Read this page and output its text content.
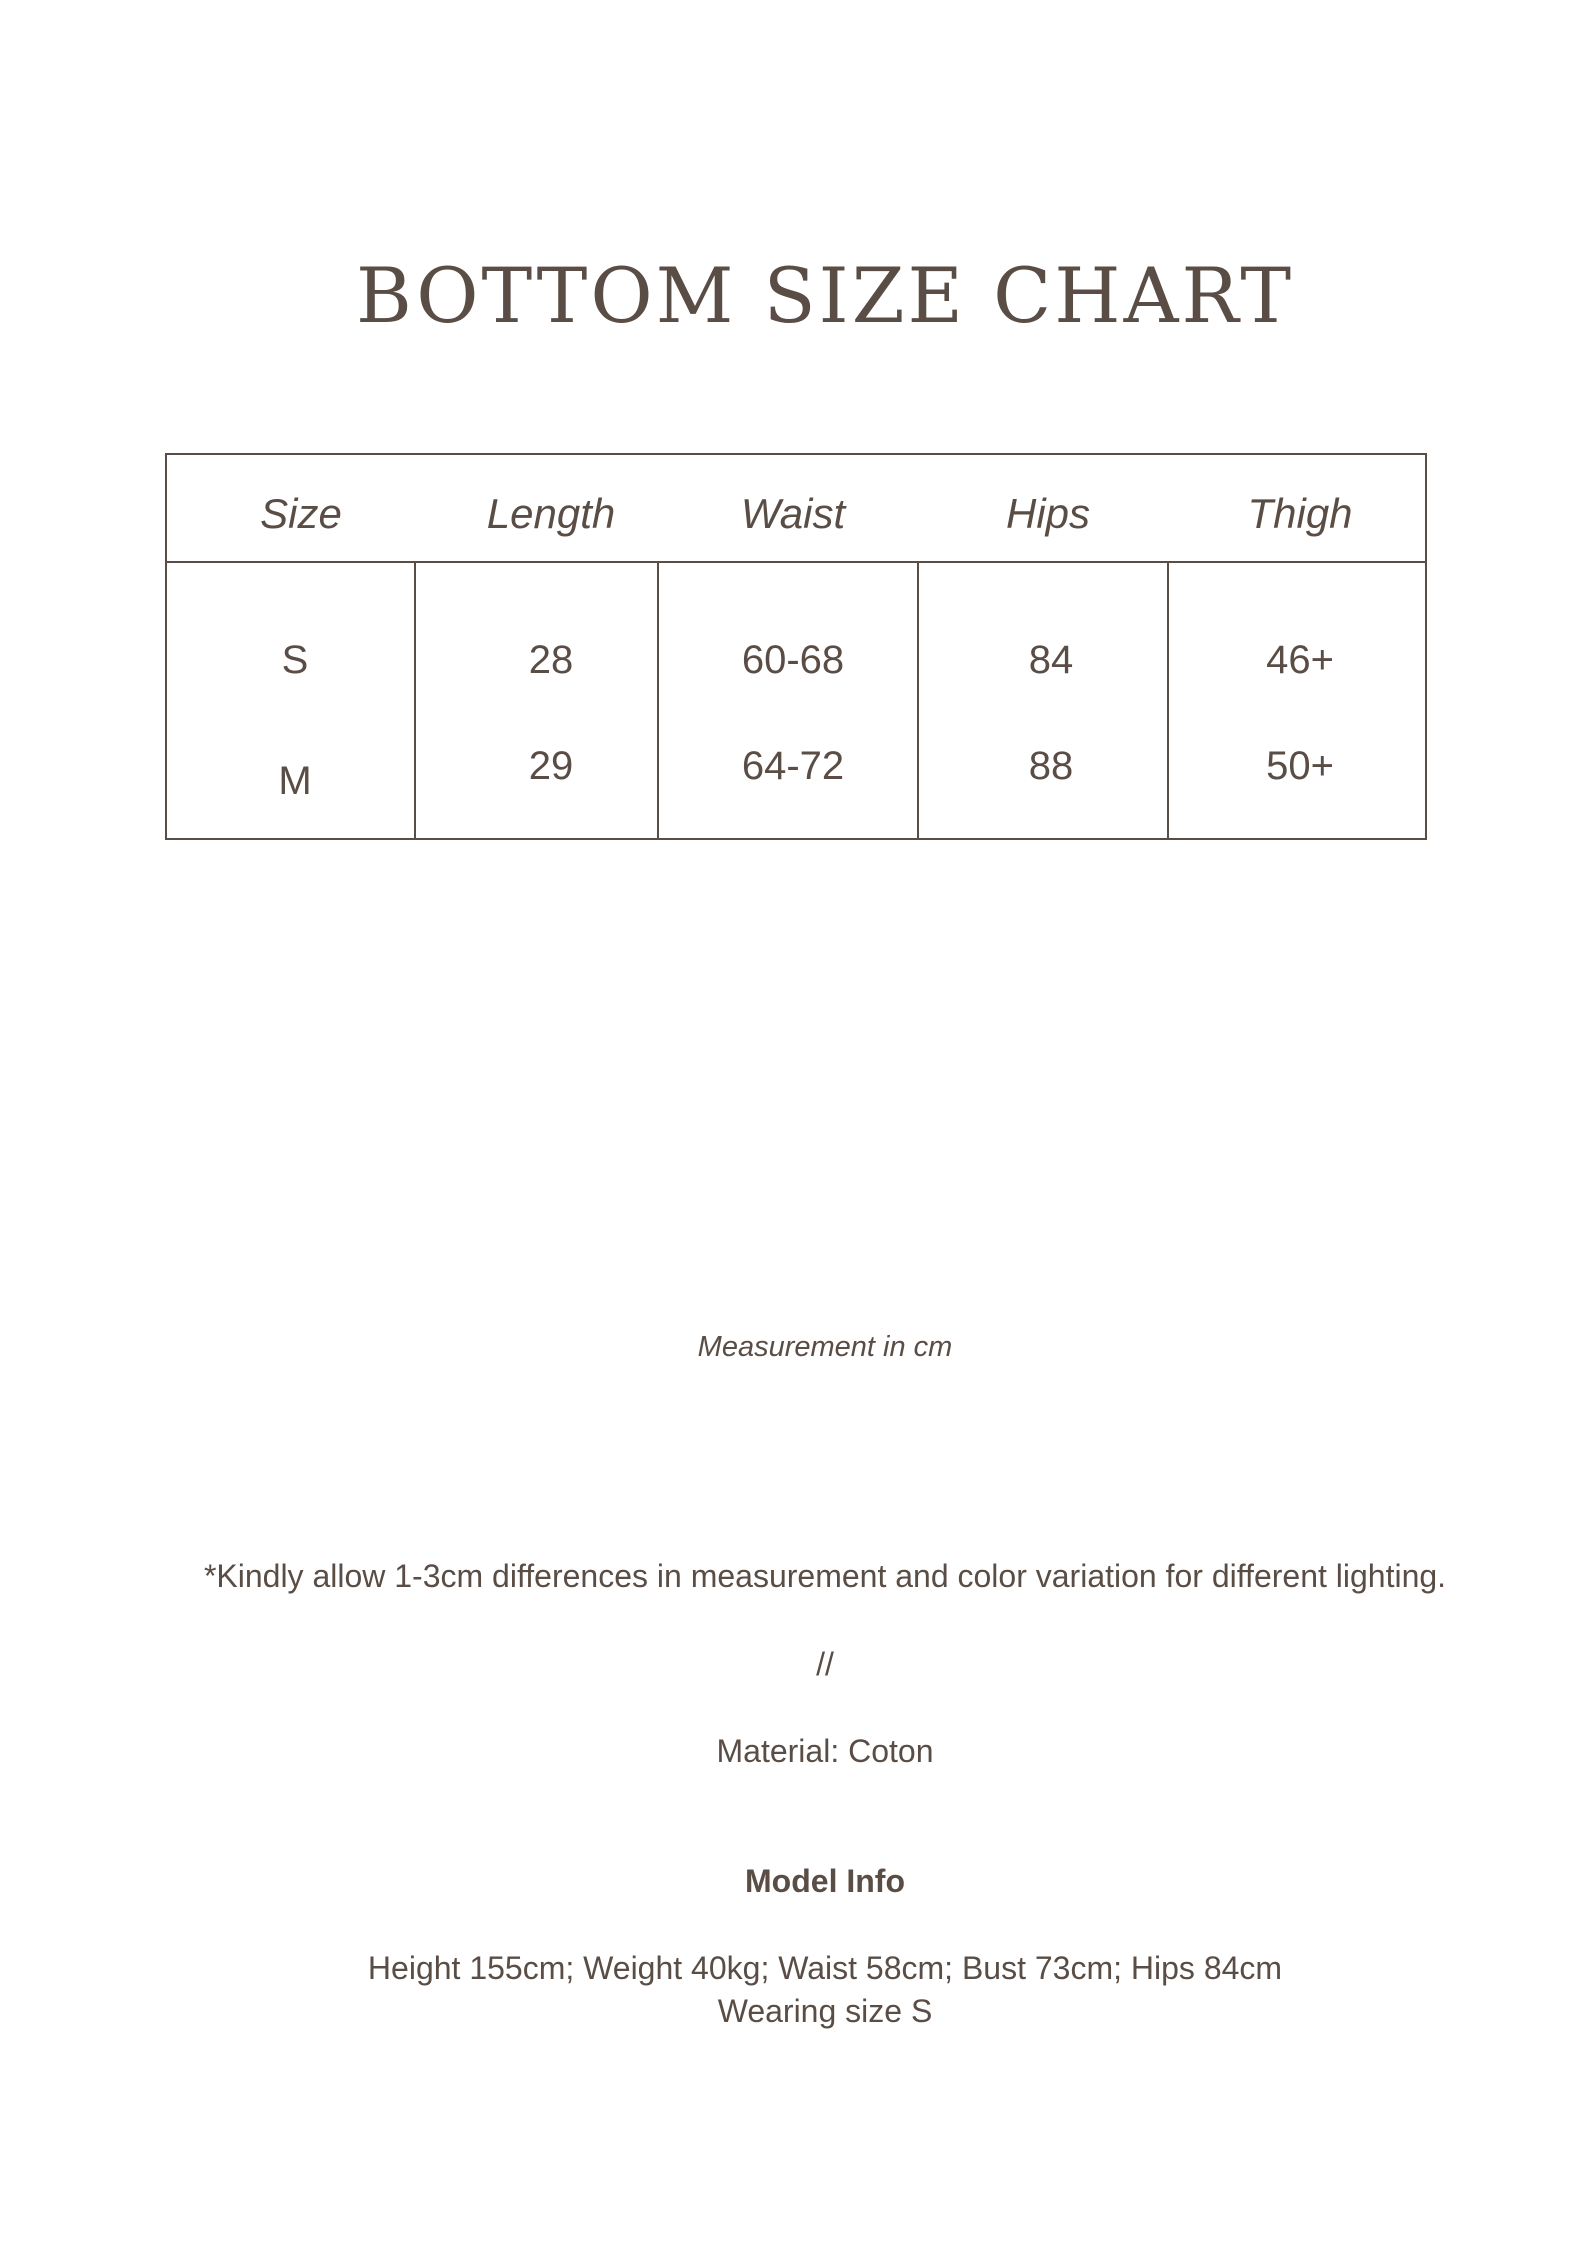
BOTTOM SIZE CHART
Size	Length	Waist	Hips	Thigh
S	28	60-68	84	46+
M	29	64-72	88	50+
Measurement in cm
*Kindly allow 1-3cm differences in measurement and color variation for different lighting.
//
Material: Coton
Model Info
Height 155cm; Weight 40kg; Waist 58cm; Bust 73cm; Hips 84cm
Wearing size S
